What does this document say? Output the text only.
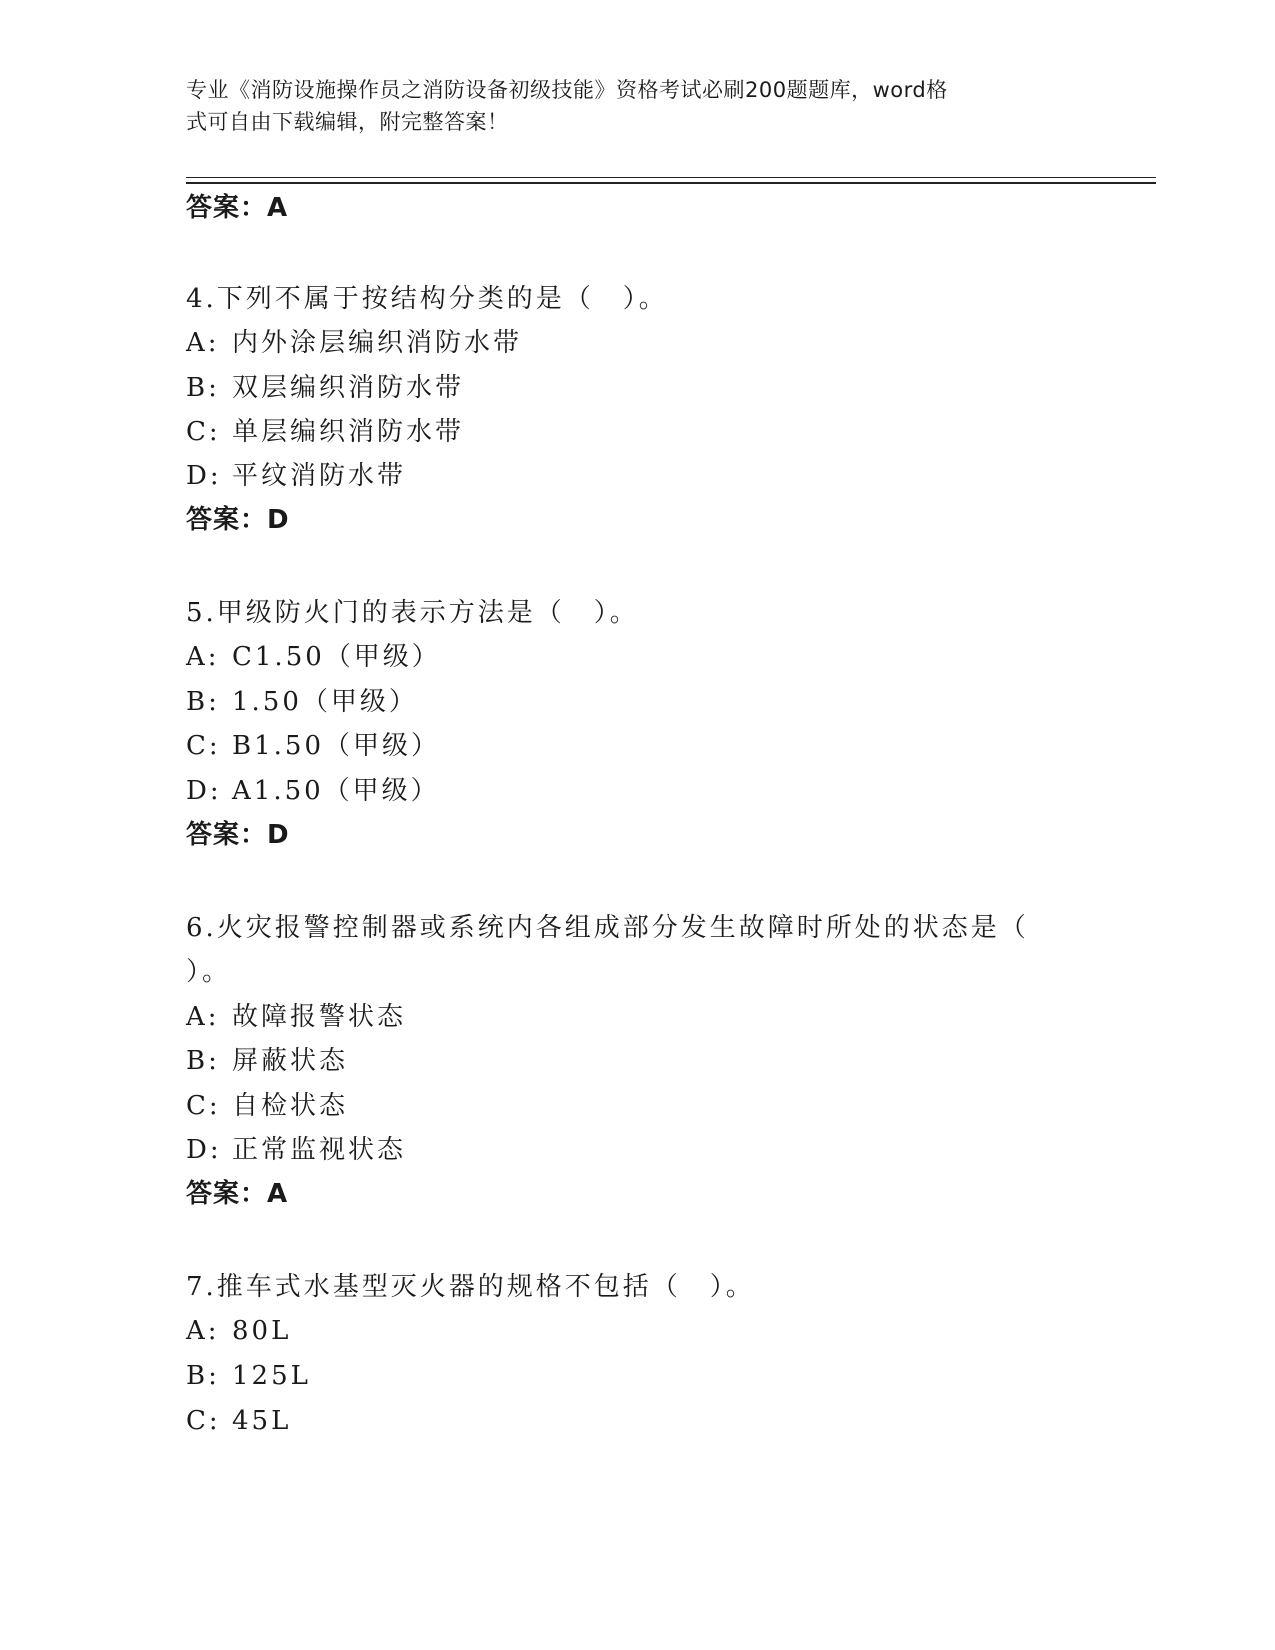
专业《消防设施操作员之消防设备初级技能》资格考试必刷200题题库，word格
式可自由下载编辑，附完整答案！
答案：A
4.下列不属于按结构分类的是（　）。
A: 内外涂层编织消防水带
B: 双层编织消防水带
C: 单层编织消防水带
D: 平纹消防水带
答案：D
5.甲级防火门的表示方法是（　）。
A: C1.50（甲级）
B: 1.50（甲级）
C: B1.50（甲级）
D: A1.50（甲级）
答案：D
6.火灾报警控制器或系统内各组成部分发生故障时所处的状态是（
）。
A: 故障报警状态
B: 屏蔽状态
C: 自检状态
D: 正常监视状态
答案：A
7.推车式水基型灭火器的规格不包括（　）。
A: 80L
B: 125L
C: 45L
